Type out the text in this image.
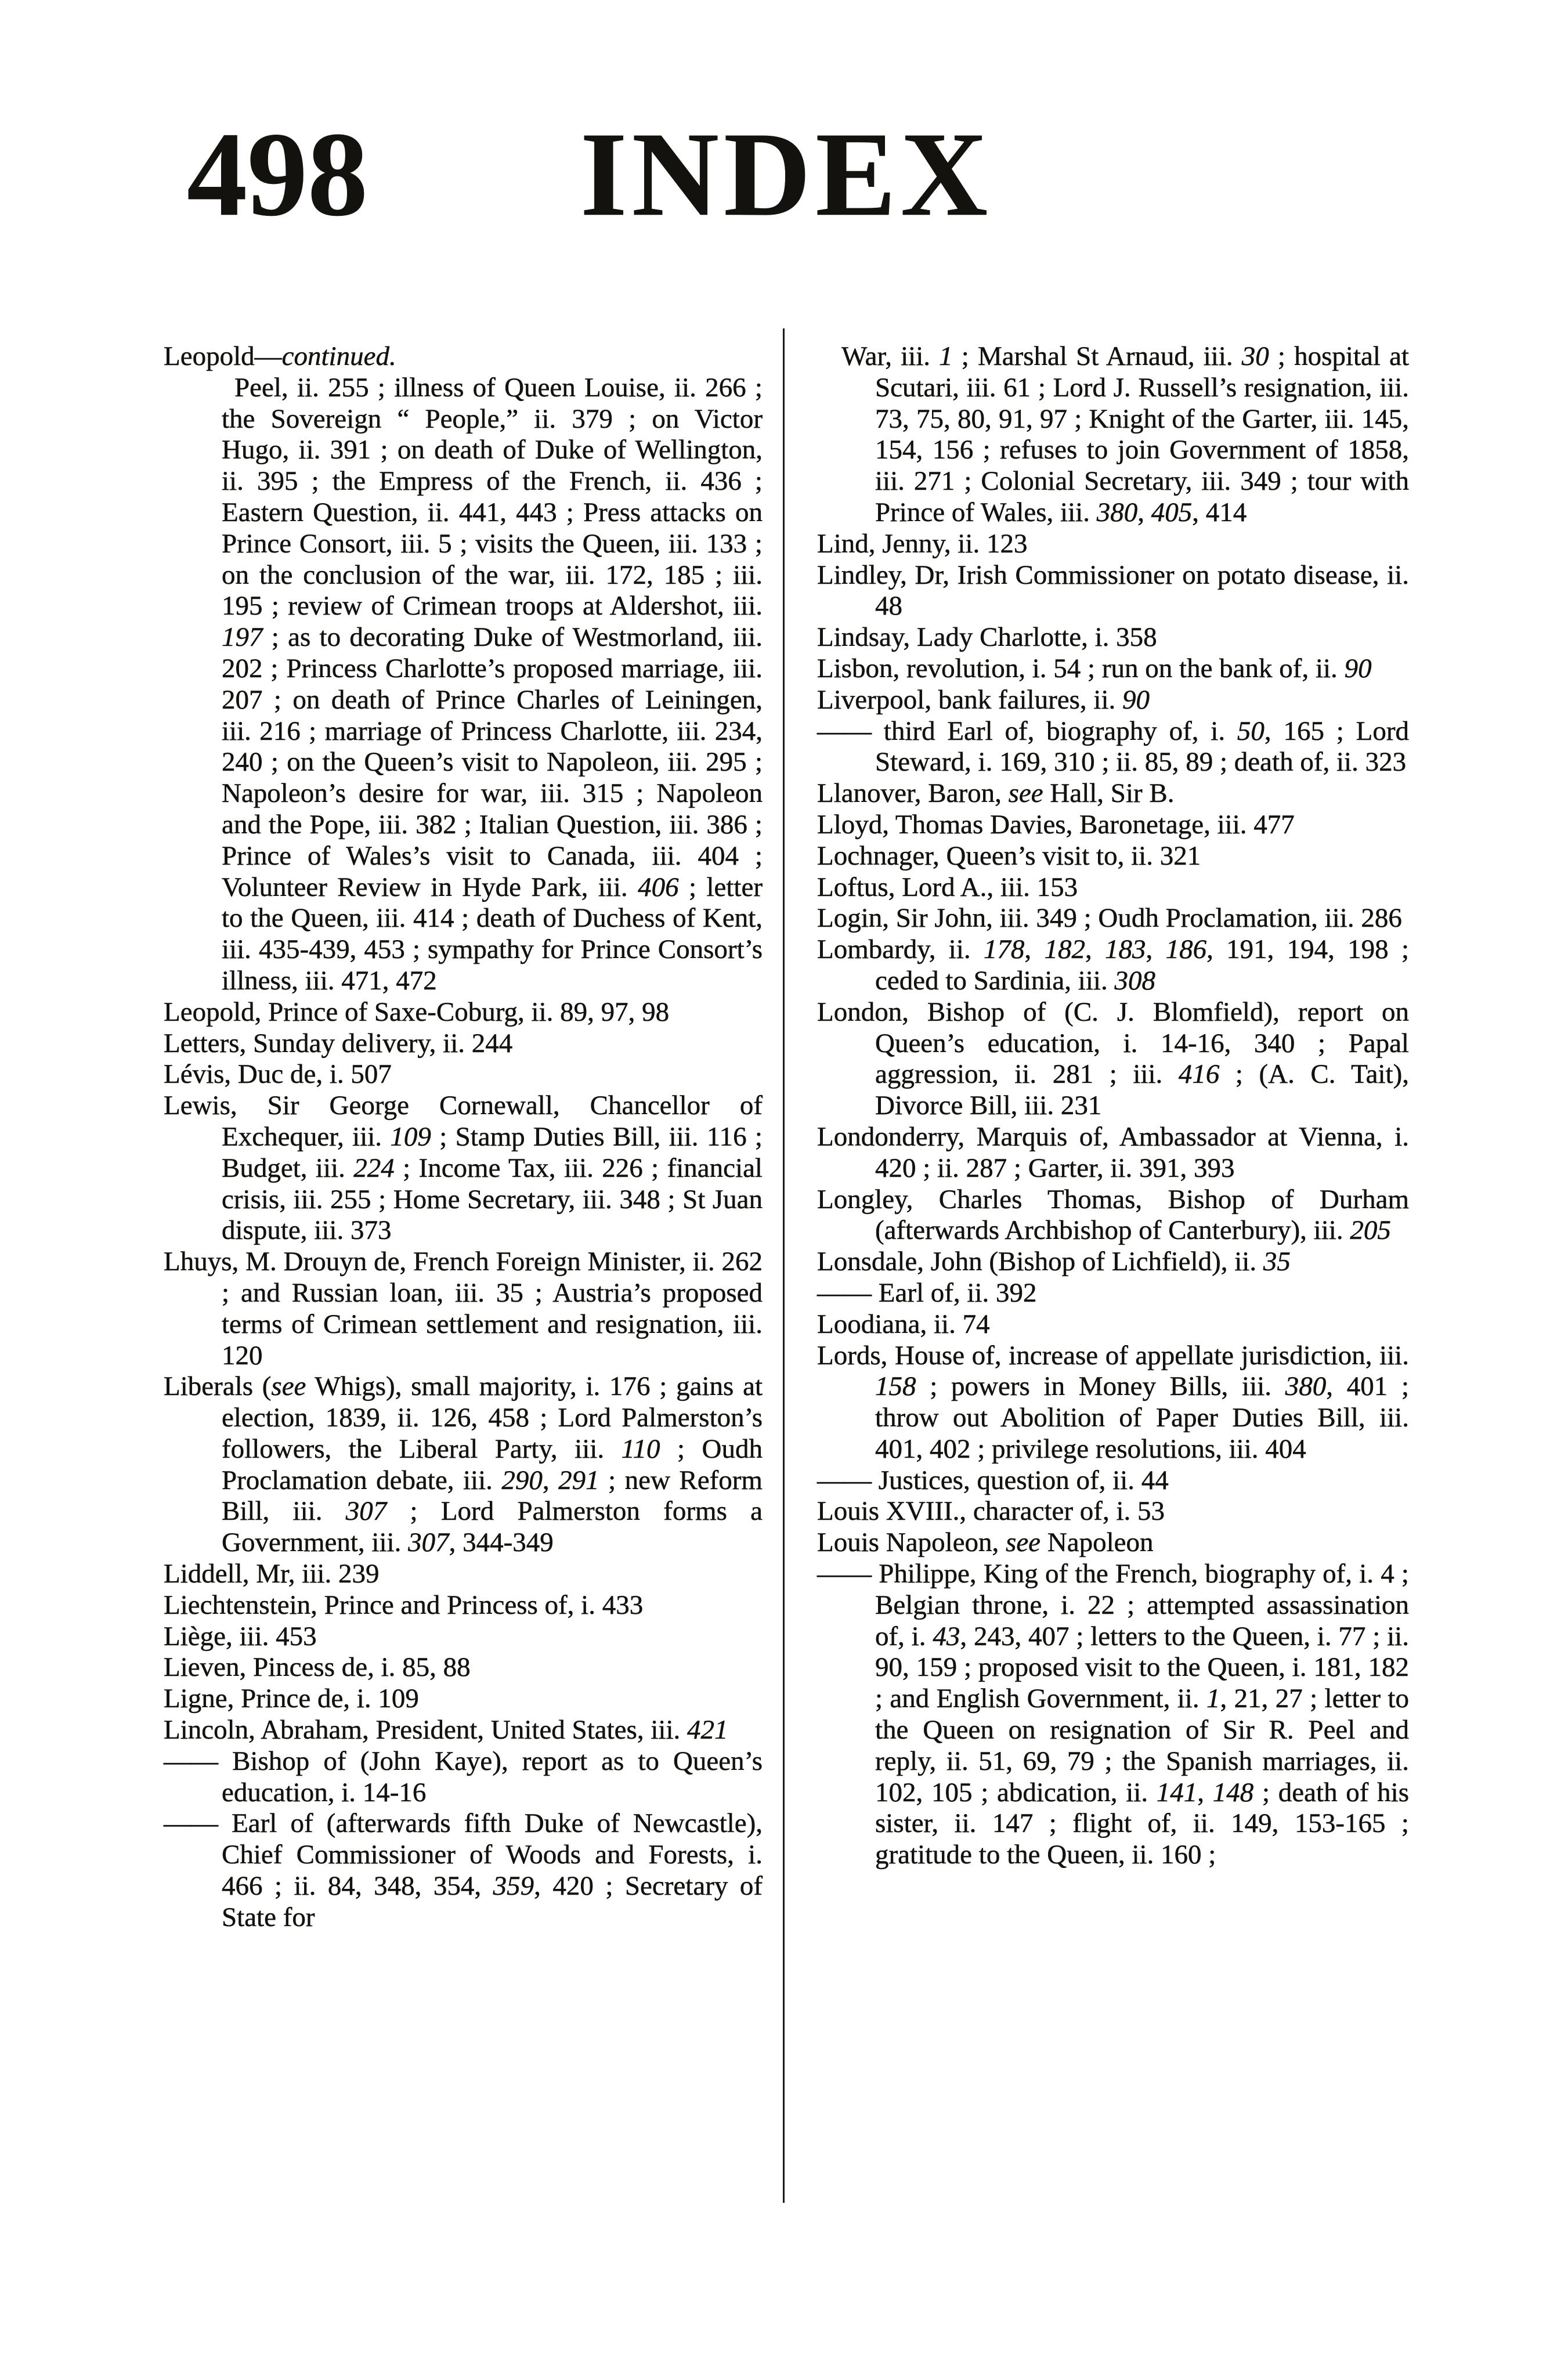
498	INDEX

Leopold—continued.

Peel, ii. 255 ; illness of Queen Louise, ii. 266 ; the Sovereign “ People,” ii. 379 ; on Victor Hugo, ii. 391 ; on death of Duke of Wellington, ii. 395 ; the Empress of the French, ii. 436 ; Eastern Question, ii. 441, 443 ; Press attacks on Prince Consort, iii. 5 ; visits the Queen, iii. 133 ; on the conclusion of the war, iii. 172, 185 ; iii. 195 ; review of Crimean troops at Aldershot, iii. 197 ; as to decorating Duke of Westmorland, iii. 202 ; Princess Charlotte’s proposed marriage, iii. 207 ; on death of Prince Charles of Leiningen, iii. 216 ; marriage of Princess Charlotte, iii. 234, 240 ; on the Queen’s visit to Napoleon, iii. 295 ; Napoleon’s desire for war, iii. 315 ; Napoleon and the Pope, iii. 382 ; Italian Question, iii. 386 ; Prince of Wales’s visit to Canada, iii. 404 ; Volunteer Review in Hyde Park, iii. 406 ; letter to the Queen, iii. 414 ; death of Duchess of Kent, iii. 435-439, 453 ; sympathy for Prince Consort’s illness, iii. 471, 472

Leopold, Prince of Saxe-Coburg, ii. 89, 97, 98

Letters, Sunday delivery, ii. 244

Lévis, Duc de, i. 507

Lewis, Sir George Cornewall, Chancellor of Exchequer, iii. 109 ; Stamp Duties Bill, iii. 116 ; Budget, iii. 224 ; Income Tax, iii. 226 ; financial crisis, iii. 255 ; Home Secretary, iii. 348 ; St Juan dispute, iii. 373

Lhuys, M. Drouyn de, French Foreign Minister, ii. 262 ; and Russian loan, iii. 35 ; Austria’s proposed terms of Crimean settlement and resignation, iii. 120

Liberals (see Whigs), small majority, i. 176 ; gains at election, 1839, ii. 126, 458 ; Lord Palmerston’s followers, the Liberal Party, iii. 110 ; Oudh Proclamation debate, iii. 290, 291 ; new Reform Bill, iii. 307 ; Lord Palmerston forms a Government, iii. 307, 344-349

Liddell, Mr, iii. 239

Liechtenstein, Prince and Princess of, i. 433

Liège, iii. 453

Lieven, Pincess de, i. 85, 88

Ligne, Prince de, i. 109

Lincoln, Abraham, President, United States, iii. 421

—— Bishop of (John Kaye), report as to Queen’s education, i. 14-16

—— Earl of (afterwards fifth Duke of Newcastle), Chief Commissioner of Woods and Forests, i. 466 ; ii. 84, 348, 354, 359, 420 ; Secretary of State for

War, iii. 1 ; Marshal St Arnaud, iii. 30 ; hospital at Scutari, iii. 61 ; Lord J. Russell’s resignation, iii. 73, 75, 80, 91, 97 ; Knight of the Garter, iii. 145, 154, 156 ; refuses to join Government of 1858, iii. 271 ; Colonial Secretary, iii. 349 ; tour with Prince of Wales, iii. 380, 405, 414

Lind, Jenny, ii. 123

Lindley, Dr, Irish Commissioner on potato disease, ii. 48

Lindsay, Lady Charlotte, i. 358

Lisbon, revolution, i. 54 ; run on the bank of, ii. 90

Liverpool, bank failures, ii. 90

—— third Earl of, biography of, i. 50, 165 ; Lord Steward, i. 169, 310 ; ii. 85, 89 ; death of, ii. 323

Llanover, Baron, see Hall, Sir B.

Lloyd, Thomas Davies, Baronetage, iii. 477

Lochnager, Queen’s visit to, ii. 321

Loftus, Lord A., iii. 153

Login, Sir John, iii. 349 ; Oudh Proclamation, iii. 286

Lombardy, ii. 178, 182, 183, 186, 191, 194, 198 ; ceded to Sardinia, iii. 308

London, Bishop of (C. J. Blomfield), report on Queen’s education, i. 14-16, 340 ; Papal aggression, ii. 281 ; iii. 416 ; (A. C. Tait), Divorce Bill, iii. 231

Londonderry, Marquis of, Ambassador at Vienna, i. 420 ; ii. 287 ; Garter, ii. 391, 393

Longley, Charles Thomas, Bishop of Durham (afterwards Archbishop of Canterbury), iii. 205

Lonsdale, John (Bishop of Lichfield), ii. 35

—— Earl of, ii. 392

Loodiana, ii. 74

Lords, House of, increase of appellate jurisdiction, iii. 158 ; powers in Money Bills, iii. 380, 401 ; throw out Abolition of Paper Duties Bill, iii. 401, 402 ; privilege resolutions, iii. 404

—— Justices, question of, ii. 44

Louis XVIII., character of, i. 53

Louis Napoleon, see Napoleon

—— Philippe, King of the French, biography of, i. 4 ; Belgian throne, i. 22 ; attempted assassination of, i. 43, 243, 407 ; letters to the Queen, i. 77 ; ii. 90, 159 ; proposed visit to the Queen, i. 181, 182 ; and English Government, ii. 1, 21, 27 ; letter to the Queen on resignation of Sir R. Peel and reply, ii. 51, 69, 79 ; the Spanish marriages, ii. 102, 105 ; abdication, ii. 141, 148 ; death of his sister, ii. 147 ; flight of, ii. 149, 153-165 ; gratitude to the Queen, ii. 160 ;
